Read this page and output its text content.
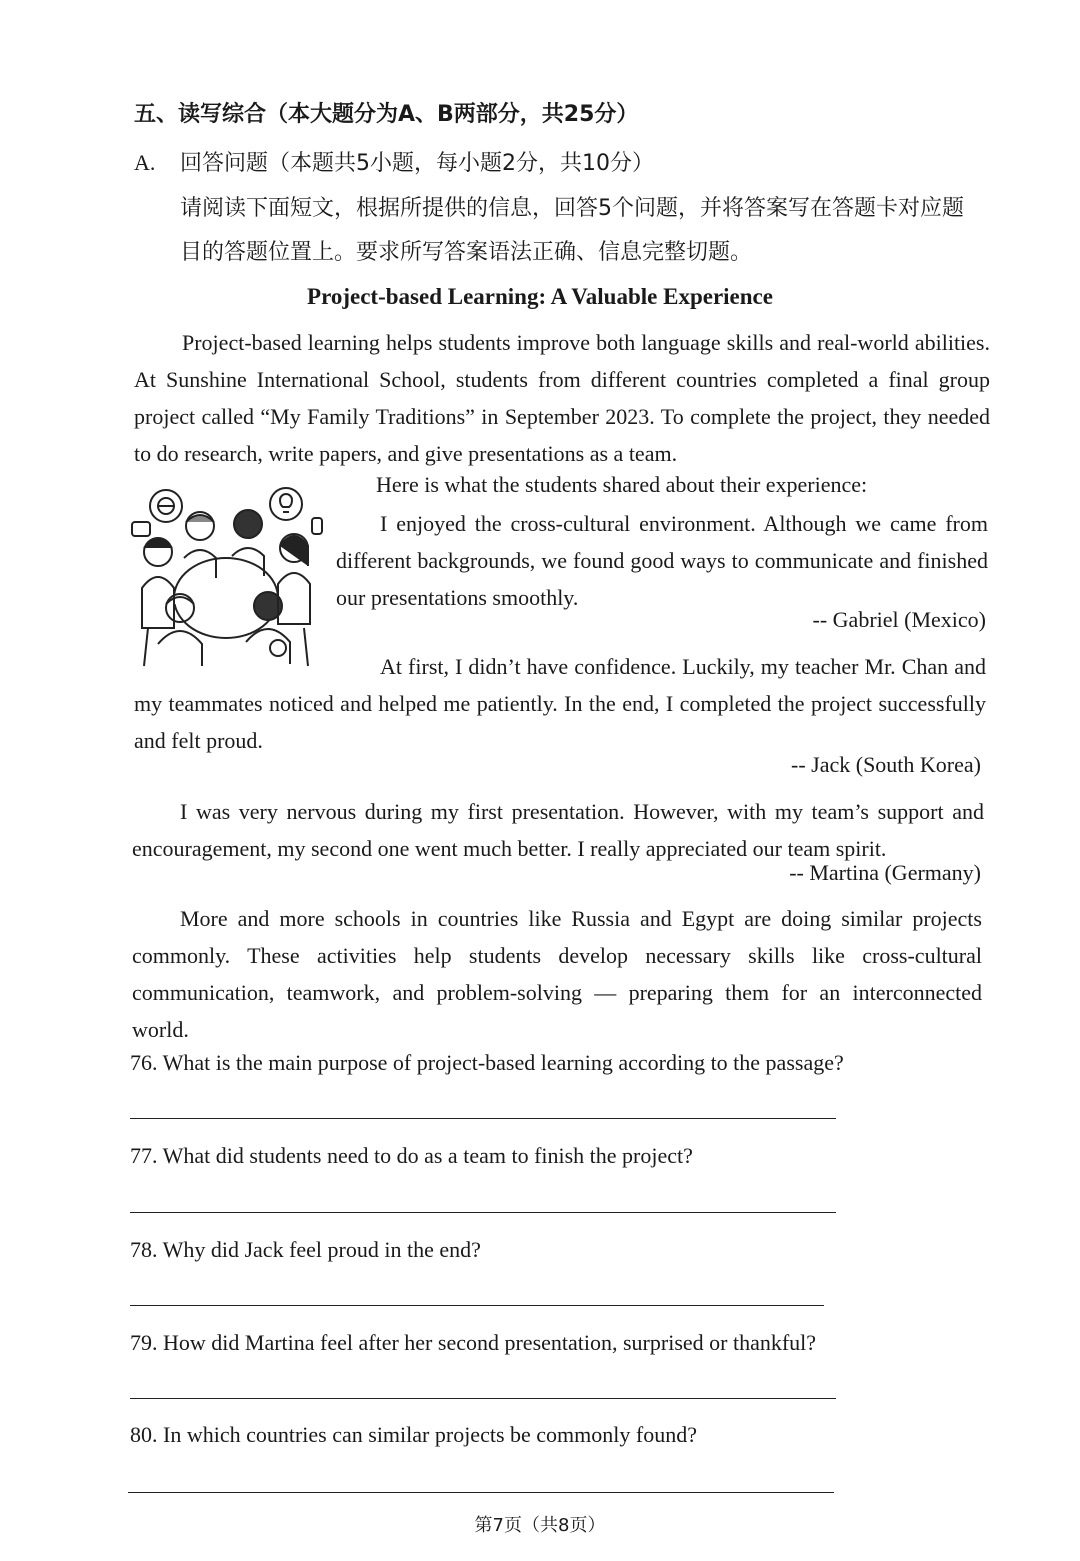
五、读写综合（本大题分为A、B两部分，共25分）
A. 回答问题（本题共5小题，每小题2分，共10分）
请阅读下面短文，根据所提供的信息，回答5个问题，并将答案写在答题卡对应题
目的答题位置上。要求所写答案语法正确、信息完整切题。
Project-based Learning: A Valuable Experience
Project-based learning helps students improve both language skills and real-world abilities. At Sunshine International School, students from different countries completed a final group project called “My Family Traditions” in September 2023. To complete the project, they needed to do research, write papers, and give presentations as a team.
Here is what the students shared about their experience:
I enjoyed the cross-cultural environment. Although we came from different backgrounds, we found good ways to communicate and finished our presentations smoothly.
-- Gabriel (Mexico)
At first, I didn’t have confidence. Luckily, my teacher Mr. Chan and my teammates noticed and helped me patiently. In the end, I completed the project successfully and felt proud.
-- Jack (South Korea)
I was very nervous during my first presentation. However, with my team’s support and encouragement, my second one went much better. I really appreciated our team spirit.
-- Martina (Germany)
More and more schools in countries like Russia and Egypt are doing similar projects commonly. These activities help students develop necessary skills like cross-cultural communication, teamwork, and problem-solving — preparing them for an interconnected world.
76. What is the main purpose of project-based learning according to the passage?
77. What did students need to do as a team to finish the project?
78. Why did Jack feel proud in the end?
79. How did Martina feel after her second presentation, surprised or thankful?
80. In which countries can similar projects be commonly found?
第7页（共8页）
